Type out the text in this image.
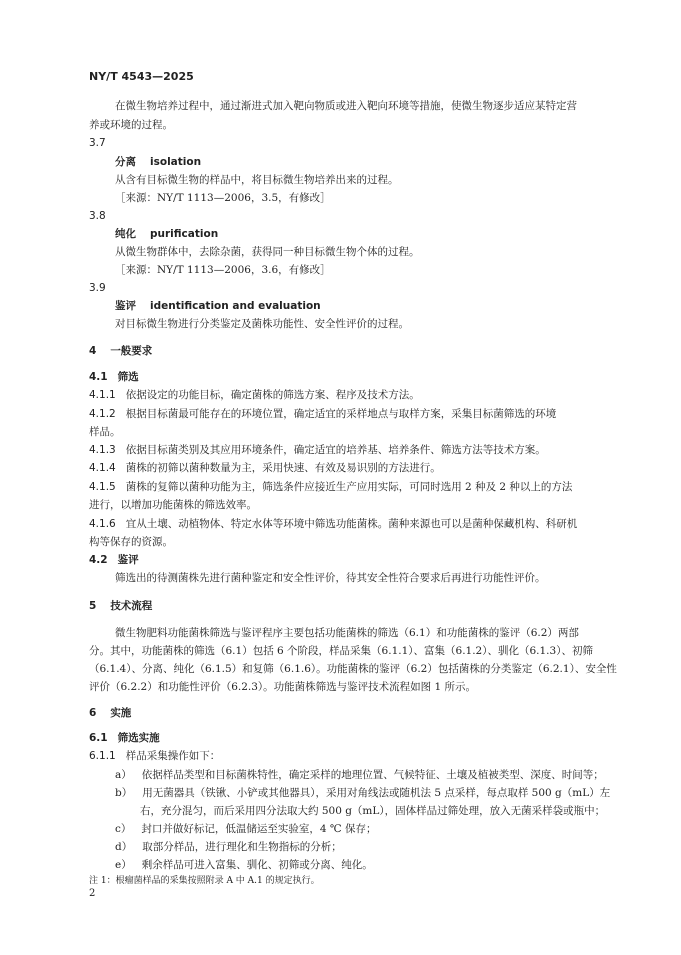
NY/T 4543—2025
在微生物培养过程中，通过渐进式加入靶向物质或进入靶向环境等措施，使微生物逐步适应某特定营
养或环境的过程。
3.7
分离 isolation
从含有目标微生物的样品中，将目标微生物培养出来的过程。
［来源：NY/T 1113—2006，3.5，有修改］
3.8
纯化 purification
从微生物群体中，去除杂菌，获得同一种目标微生物个体的过程。
［来源：NY/T 1113—2006，3.6，有修改］
3.9
鉴评 identification and evaluation
对目标微生物进行分类鉴定及菌株功能性、安全性评价的过程。
4 一般要求
4.1 筛选
4.1.1 依据设定的功能目标，确定菌株的筛选方案、程序及技术方法。
4.1.2 根据目标菌最可能存在的环境位置，确定适宜的采样地点与取样方案，采集目标菌筛选的环境
样品。
4.1.3 依据目标菌类别及其应用环境条件，确定适宜的培养基、培养条件、筛选方法等技术方案。
4.1.4 菌株的初筛以菌种数量为主，采用快速、有效及易识别的方法进行。
4.1.5 菌株的复筛以菌种功能为主，筛选条件应接近生产应用实际，可同时选用 2 种及 2 种以上的方法
进行，以增加功能菌株的筛选效率。
4.1.6 宜从土壤、动植物体、特定水体等环境中筛选功能菌株。菌种来源也可以是菌种保藏机构、科研机
构等保存的资源。
4.2 鉴评
筛选出的待测菌株先进行菌种鉴定和安全性评价，待其安全性符合要求后再进行功能性评价。
5 技术流程
微生物肥料功能菌株筛选与鉴评程序主要包括功能菌株的筛选（6.1）和功能菌株的鉴评（6.2）两部
分。其中，功能菌株的筛选（6.1）包括 6 个阶段，样品采集（6.1.1）、富集（6.1.2）、驯化（6.1.3）、初筛
（6.1.4）、分离、纯化（6.1.5）和复筛（6.1.6）。功能菌株的鉴评（6.2）包括菌株的分类鉴定（6.2.1）、安全性
评价（6.2.2）和功能性评价（6.2.3）。功能菌株筛选与鉴评技术流程如图 1 所示。
6 实施
6.1 筛选实施
6.1.1 样品采集操作如下：
a） 依据样品类型和目标菌株特性，确定采样的地理位置、气候特征、土壤及植被类型、深度、时间等；
b） 用无菌器具（铁锹、小铲或其他器具），采用对角线法或随机法 5 点采样，每点取样 500 g（mL）左
右，充分混匀，而后采用四分法取大约 500 g（mL），固体样品过筛处理，放入无菌采样袋或瓶中；
c） 封口并做好标记，低温储运至实验室，4 ℃ 保存；
d） 取部分样品，进行理化和生物指标的分析；
e） 剩余样品可进入富集、驯化、初筛或分离、纯化。
注 1：根瘤菌样品的采集按照附录 A 中 A.1 的规定执行。
2
